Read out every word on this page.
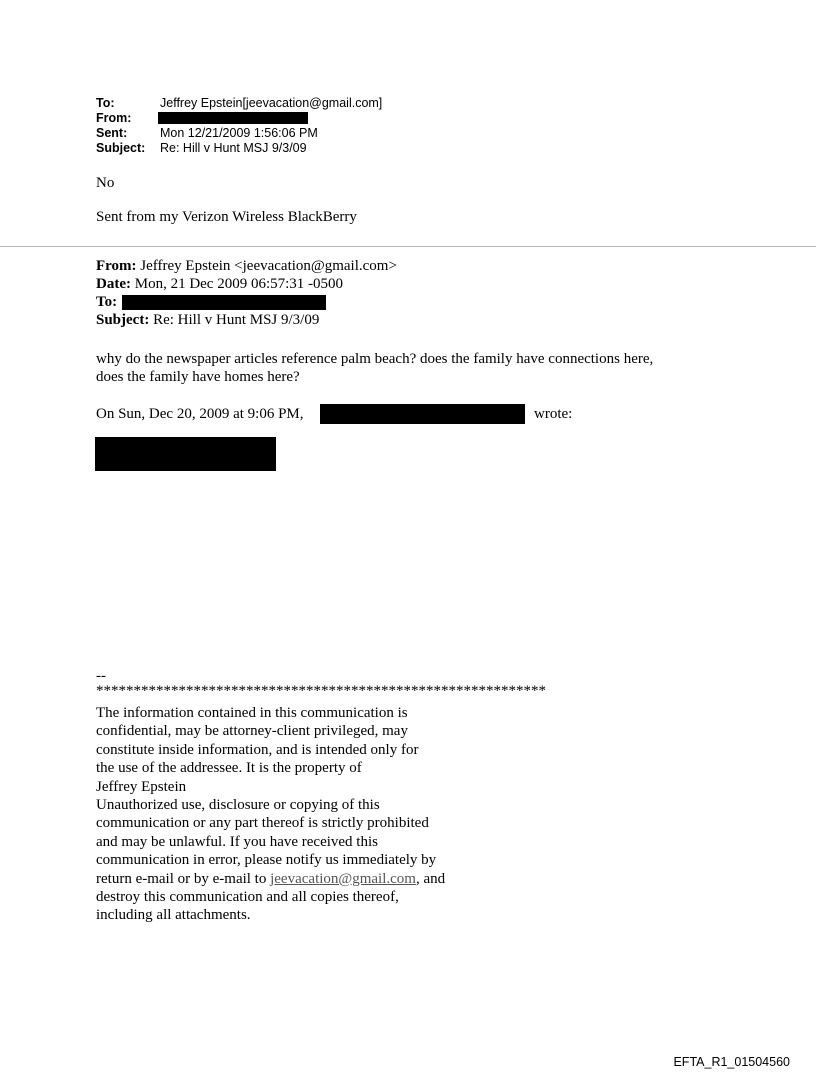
To:	Jeffrey Epstein[jeevacation@gmail.com]
From:
Sent:	Mon 12/21/2009 1:56:06 PM
Subject: Re: Hill v Hunt MSJ 9/3/09
No
Sent from my Verizon Wireless BlackBerry
From: Jeffrey Epstein <jeevacation@gmail.com>
Date: Mon, 21 Dec 2009 06:57:31 -0500
To:
Subject: Re: Hill v Hunt MSJ 9/3/09
why do the newspaper articles reference palm beach? does the family have connections here,
does the family have homes here?
On Sun, Dec 20, 2009 at 9:06 PM,	wrote:
--
************************************************************
The information contained in this communication is
confidential, may be attorney-client privileged, may
constitute inside information, and is intended only for
the use of the addressee. It is the property of
Jeffrey Epstein
Unauthorized use, disclosure or copying of this
communication or any part thereof is strictly prohibited
and may be unlawful. If you have received this
communication in error, please notify us immediately by
return e-mail or by e-mail to jeevacation@gmail.com, and
destroy this communication and all copies thereof,
including all attachments.
EFTA_R1_01504560
